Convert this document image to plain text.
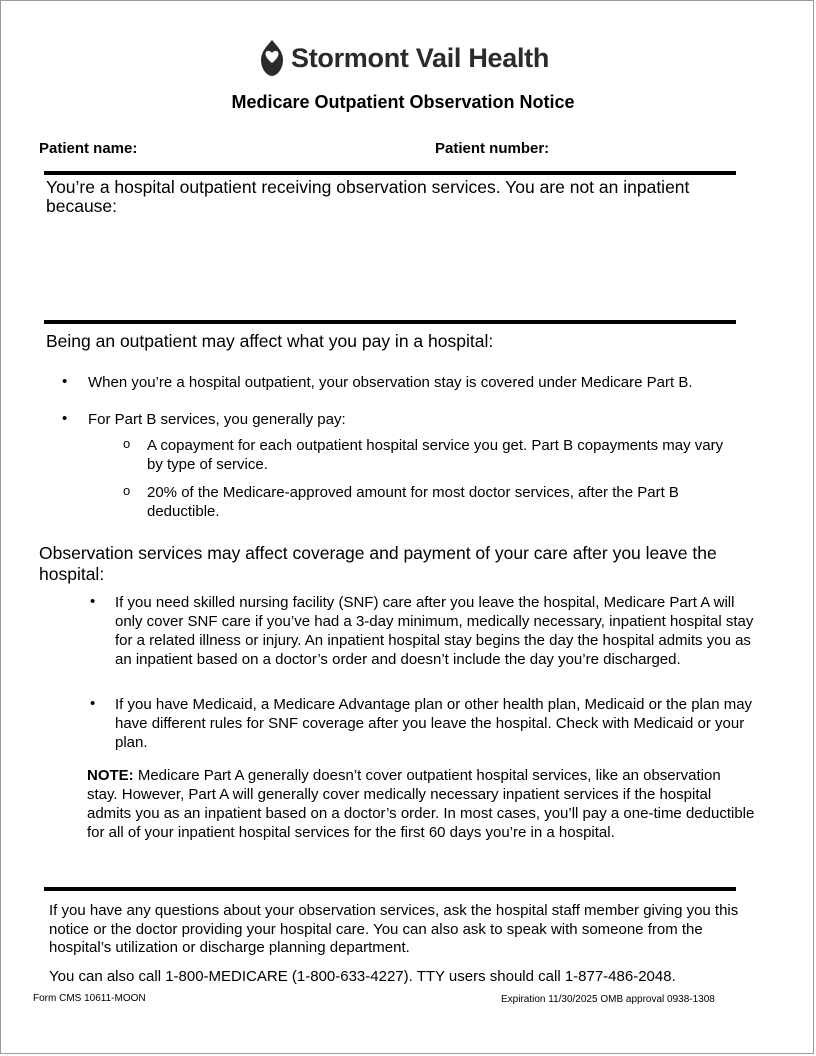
Stormont Vail Health
Medicare Outpatient Observation Notice
Patient name:	Patient number:
You’re a hospital outpatient receiving observation services. You are not an inpatient because:
Being an outpatient may affect what you pay in a hospital:
• When you’re a hospital outpatient, your observation stay is covered under Medicare Part B.
• For Part B services, you generally pay:
o A copayment for each outpatient hospital service you get. Part B copayments may vary by type of service.
o 20% of the Medicare-approved amount for most doctor services, after the Part B deductible.
Observation services may affect coverage and payment of your care after you leave the hospital:
• If you need skilled nursing facility (SNF) care after you leave the hospital, Medicare Part A will only cover SNF care if you’ve had a 3-day minimum, medically necessary, inpatient hospital stay for a related illness or injury. An inpatient hospital stay begins the day the hospital admits you as an inpatient based on a doctor’s order and doesn’t include the day you’re discharged.
• If you have Medicaid, a Medicare Advantage plan or other health plan, Medicaid or the plan may have different rules for SNF coverage after you leave the hospital. Check with Medicaid or your plan.
NOTE: Medicare Part A generally doesn’t cover outpatient hospital services, like an observation stay. However, Part A will generally cover medically necessary inpatient services if the hospital admits you as an inpatient based on a doctor’s order. In most cases, you’ll pay a one-time deductible for all of your inpatient hospital services for the first 60 days you’re in a hospital.
If you have any questions about your observation services, ask the hospital staff member giving you this notice or the doctor providing your hospital care. You can also ask to speak with someone from the hospital’s utilization or discharge planning department.
You can also call 1-800-MEDICARE (1-800-633-4227). TTY users should call 1-877-486-2048.
Form CMS 10611-MOON	Expiration 11/30/2025 OMB approval 0938-1308
